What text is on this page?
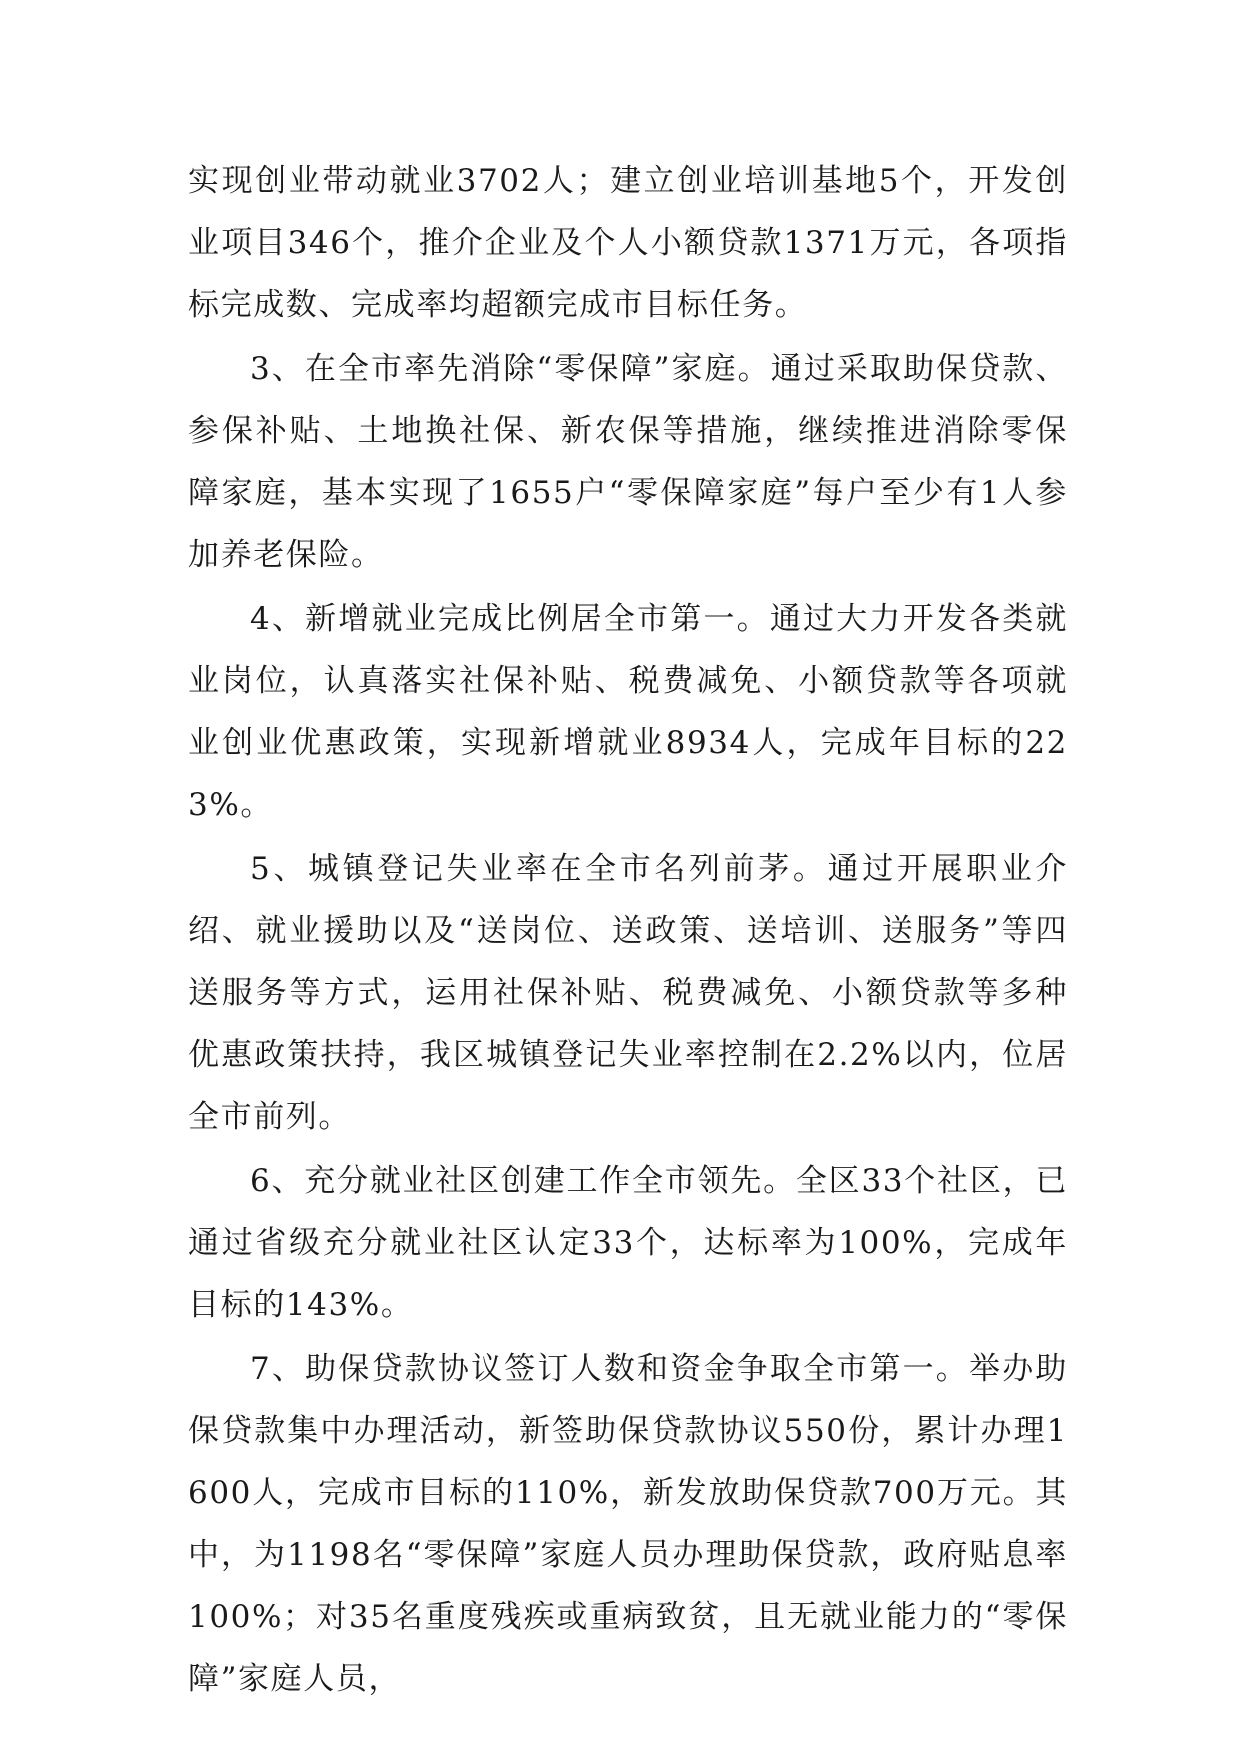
实现创业带动就业3702人；建立创业培训基地5个，开发创业项目346个，推介企业及个人小额贷款1371万元，各项指标完成数、完成率均超额完成市目标任务。

3、在全市率先消除“零保障”家庭。通过采取助保贷款、参保补贴、土地换社保、新农保等措施，继续推进消除零保障家庭，基本实现了1655户“零保障家庭”每户至少有1人参加养老保险。

4、新增就业完成比例居全市第一。通过大力开发各类就业岗位，认真落实社保补贴、税费减免、小额贷款等各项就业创业优惠政策，实现新增就业8934人，完成年目标的223%。

5、城镇登记失业率在全市名列前茅。通过开展职业介绍、就业援助以及“送岗位、送政策、送培训、送服务”等四送服务等方式，运用社保补贴、税费减免、小额贷款等多种优惠政策扶持，我区城镇登记失业率控制在2.2%以内，位居全市前列。

6、充分就业社区创建工作全市领先。全区33个社区，已通过省级充分就业社区认定33个，达标率为100%，完成年目标的143%。

7、助保贷款协议签订人数和资金争取全市第一。举办助保贷款集中办理活动，新签助保贷款协议550份，累计办理1600人，完成市目标的110%，新发放助保贷款700万元。其中，为1198名“零保障”家庭人员办理助保贷款，政府贴息率100%；对35名重度残疾或重病致贫，且无就业能力的“零保障”家庭人员，
